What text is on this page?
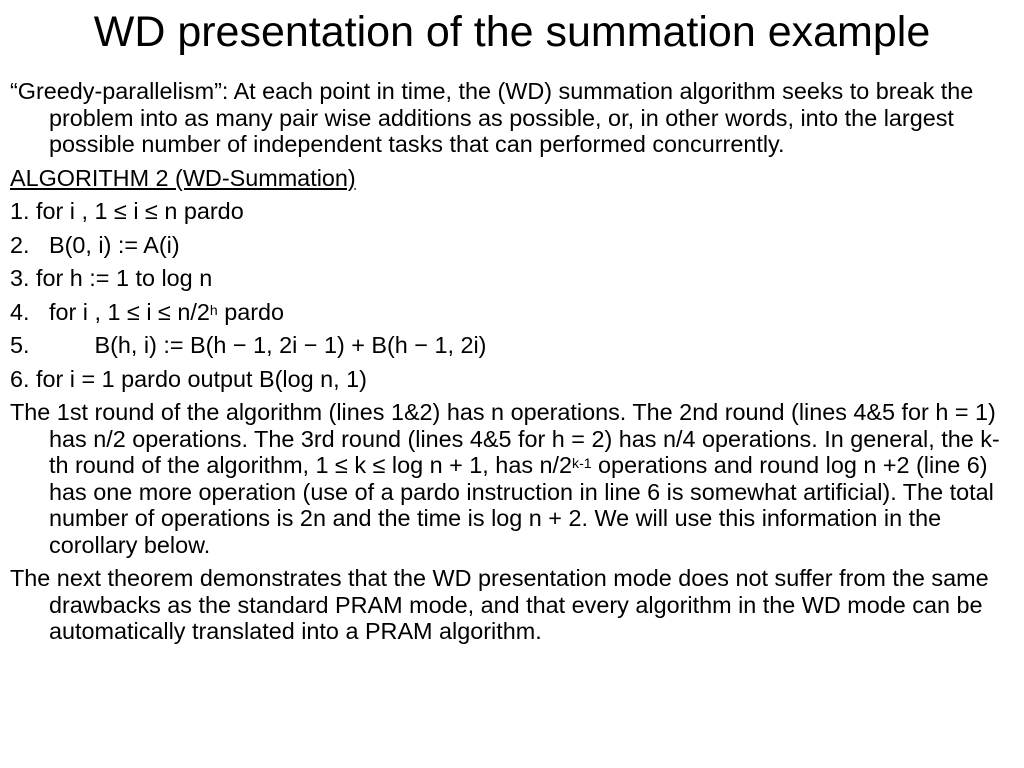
WD presentation of the summation example

“Greedy-parallelism”: At each point in time, the (WD) summation algorithm seeks to break the problem into as many pair wise additions as possible, or, in other words, into the largest possible number of independent tasks that can performed concurrently.

ALGORITHM 2 (WD-Summation)

1. for i , 1 ≤ i ≤ n pardo

2.   B(0, i) := A(i)

3. for h := 1 to log n

4.   for i , $1 \le i \le n/2^h$ pardo

5.          B(h, i) := B(h − 1, 2i − 1) + B(h − 1, 2i)

6. for i = 1 pardo output B(log n, 1)

The 1st round of the algorithm (lines 1&2) has n operations. The 2nd round (lines 4&5 for h = 1) has n/2 operations. The 3rd round (lines 4&5 for h = 2) has n/4 operations. In general, the k-th round of the algorithm, 1 ≤ k ≤ log n + 1, has n/2$^{k-1}$ operations and round log n +2 (line 6) has one more operation (use of a pardo instruction in line 6 is somewhat artificial). The total number of operations is 2n and the time is log n + 2. We will use this information in the corollary below.

The next theorem demonstrates that the WD presentation mode does not suffer from the same drawbacks as the standard PRAM mode, and that every algorithm in the WD mode can be automatically translated into a PRAM algorithm.
